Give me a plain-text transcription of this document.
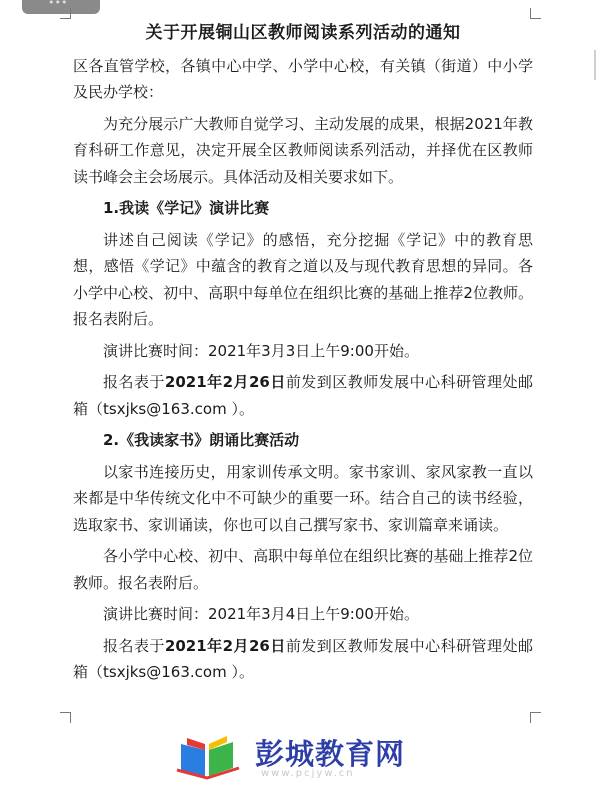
•••
关于开展铜山区教师阅读系列活动的通知

区各直管学校，各镇中心中学、小学中心校，有关镇（街道）中小学及民办学校：

为充分展示广大教师自觉学习、主动发展的成果，根据2021年教育科研工作意见，决定开展全区教师阅读系列活动，并择优在区教师读书峰会主会场展示。具体活动及相关要求如下。

1.我读《学记》演讲比赛

讲述自己阅读《学记》的感悟，充分挖掘《学记》中的教育思想，感悟《学记》中蕴含的教育之道以及与现代教育思想的异同。各小学中心校、初中、高职中每单位在组织比赛的基础上推荐2位教师。报名表附后。

演讲比赛时间：2021年3月3日上午9:00开始。

报名表于2021年2月26日前发到区教师发展中心科研管理处邮箱（tsxjks@163.com ）。

2.《我读家书》朗诵比赛活动

以家书连接历史，用家训传承文明。家书家训、家风家教一直以来都是中华传统文化中不可缺少的重要一环。结合自己的读书经验，选取家书、家训诵读，你也可以自己撰写家书、家训篇章来诵读。

各小学中心校、初中、高职中每单位在组织比赛的基础上推荐2位教师。报名表附后。

演讲比赛时间：2021年3月4日上午9:00开始。

报名表于2021年2月26日前发到区教师发展中心科研管理处邮箱（tsxjks@163.com ）。

彭城教育网
www.pcjyw.cn
